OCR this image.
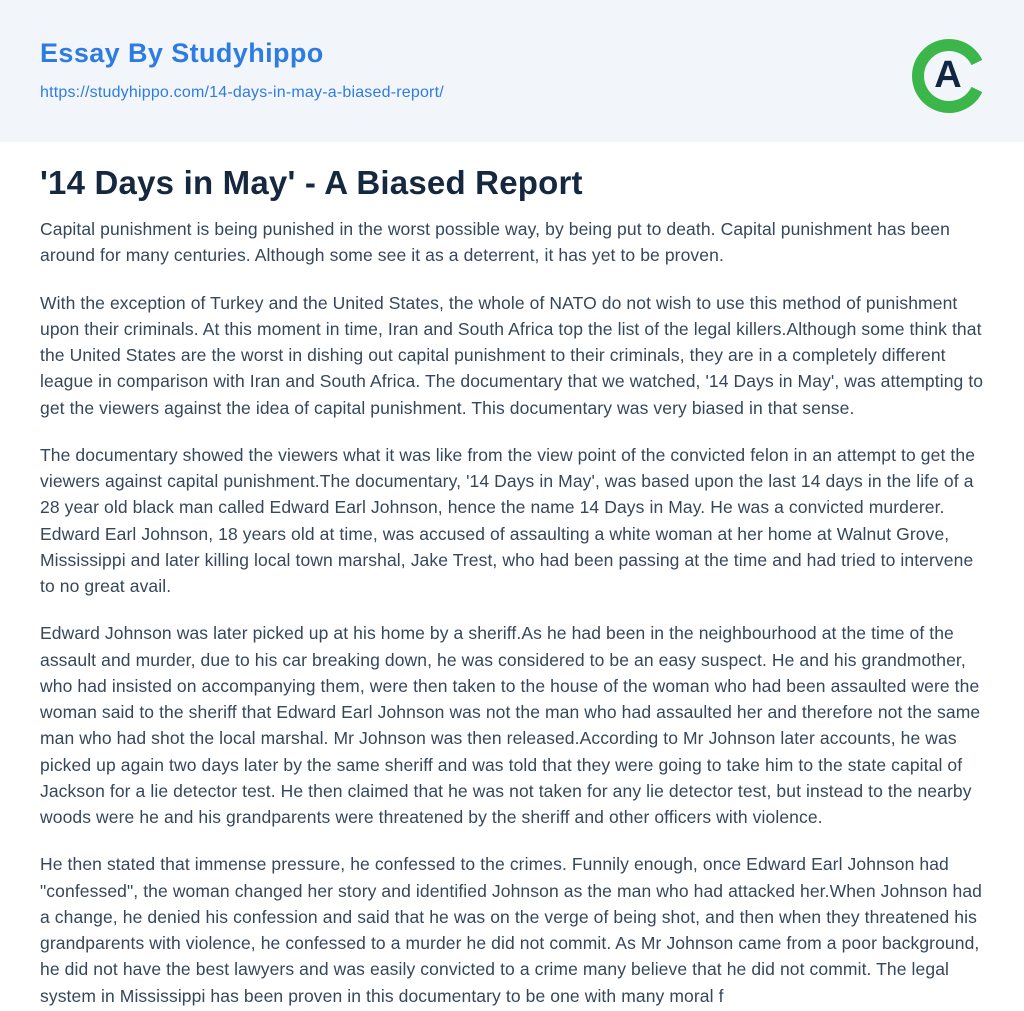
Essay By Studyhippo
https://studyhippo.com/14-days-in-may-a-biased-report/	A
'14 Days in May' - A Biased Report

Capital punishment is being punished in the worst possible way, by being put to death. Capital punishment has been around for many centuries. Although some see it as a deterrent, it has yet to be proven.

With the exception of Turkey and the United States, the whole of NATO do not wish to use this method of punishment upon their criminals. At this moment in time, Iran and South Africa top the list of the legal killers.Although some think that the United States are the worst in dishing out capital punishment to their criminals, they are in a completely different league in comparison with Iran and South Africa. The documentary that we watched, '14 Days in May', was attempting to get the viewers against the idea of capital punishment. This documentary was very biased in that sense.

The documentary showed the viewers what it was like from the view point of the convicted felon in an attempt to get the viewers against capital punishment.The documentary, '14 Days in May', was based upon the last 14 days in the life of a 28 year old black man called Edward Earl Johnson, hence the name 14 Days in May. He was a convicted murderer. Edward Earl Johnson, 18 years old at time, was accused of assaulting a white woman at her home at Walnut Grove, Mississippi and later killing local town marshal, Jake Trest, who had been passing at the time and had tried to intervene to no great avail.

Edward Johnson was later picked up at his home by a sheriff.As he had been in the neighbourhood at the time of the assault and murder, due to his car breaking down, he was considered to be an easy suspect. He and his grandmother, who had insisted on accompanying them, were then taken to the house of the woman who had been assaulted were the woman said to the sheriff that Edward Earl Johnson was not the man who had assaulted her and therefore not the same man who had shot the local marshal. Mr Johnson was then released.According to Mr Johnson later accounts, he was picked up again two days later by the same sheriff and was told that they were going to take him to the state capital of Jackson for a lie detector test. He then claimed that he was not taken for any lie detector test, but instead to the nearby woods were he and his grandparents were threatened by the sheriff and other officers with violence.

He then stated that immense pressure, he confessed to the crimes. Funnily enough, once Edward Earl Johnson had "confessed", the woman changed her story and identified Johnson as the man who had attacked her.When Johnson had a change, he denied his confession and said that he was on the verge of being shot, and then when they threatened his grandparents with violence, he confessed to a murder he did not commit. As Mr Johnson came from a poor background, he did not have the best lawyers and was easily convicted to a crime many believe that he did not commit. The legal system in Mississippi has been proven in this documentary to be one with many moral f
